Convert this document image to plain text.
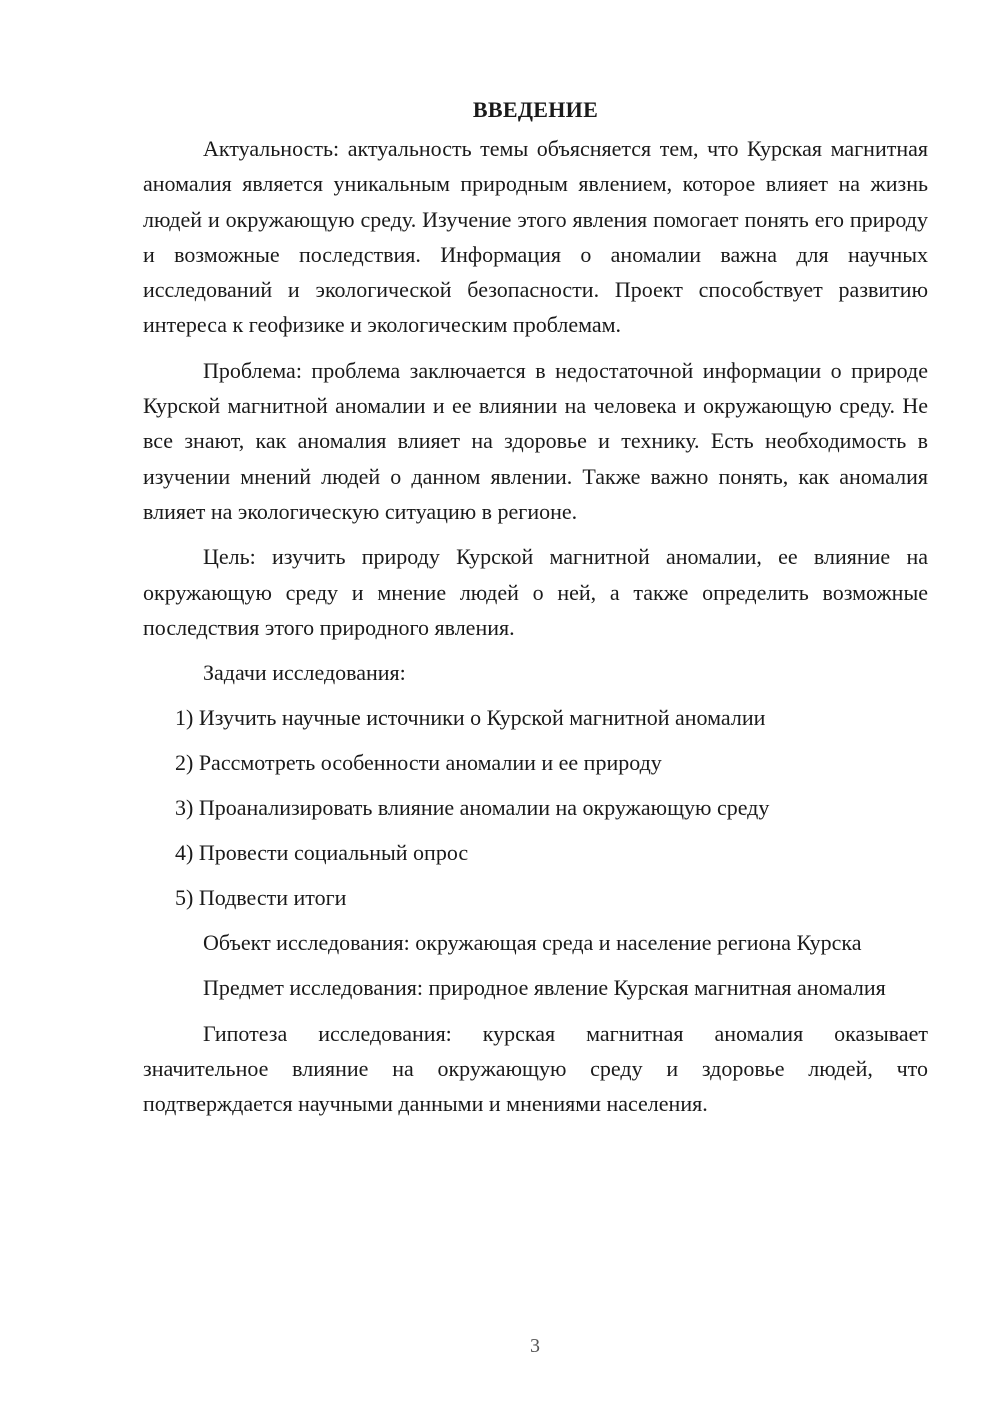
ВВЕДЕНИЕ

Актуальность: актуальность темы объясняется тем, что Курская магнитная аномалия является уникальным природным явлением, которое влияет на жизнь людей и окружающую среду. Изучение этого явления помогает понять его природу и возможные последствия. Информация о аномалии важна для научных исследований и экологической безопасности. Проект способствует развитию интереса к геофизике и экологическим проблемам.

Проблема: проблема заключается в недостаточной информации о природе Курской магнитной аномалии и ее влиянии на человека и окружающую среду. Не все знают, как аномалия влияет на здоровье и технику. Есть необходимость в изучении мнений людей о данном явлении. Также важно понять, как аномалия влияет на экологическую ситуацию в регионе.

Цель: изучить природу Курской магнитной аномалии, ее влияние на окружающую среду и мнение людей о ней, а также определить возможные последствия этого природного явления.

Задачи исследования:

1) Изучить научные источники о Курской магнитной аномалии
2) Рассмотреть особенности аномалии и ее природу
3) Проанализировать влияние аномалии на окружающую среду
4) Провести социальный опрос
5) Подвести итоги

Объект исследования: окружающая среда и население региона Курска

Предмет исследования: природное явление Курская магнитная аномалия

Гипотеза исследования: курская магнитная аномалия оказывает значительное влияние на окружающую среду и здоровье людей, что подтверждается научными данными и мнениями населения.

3
